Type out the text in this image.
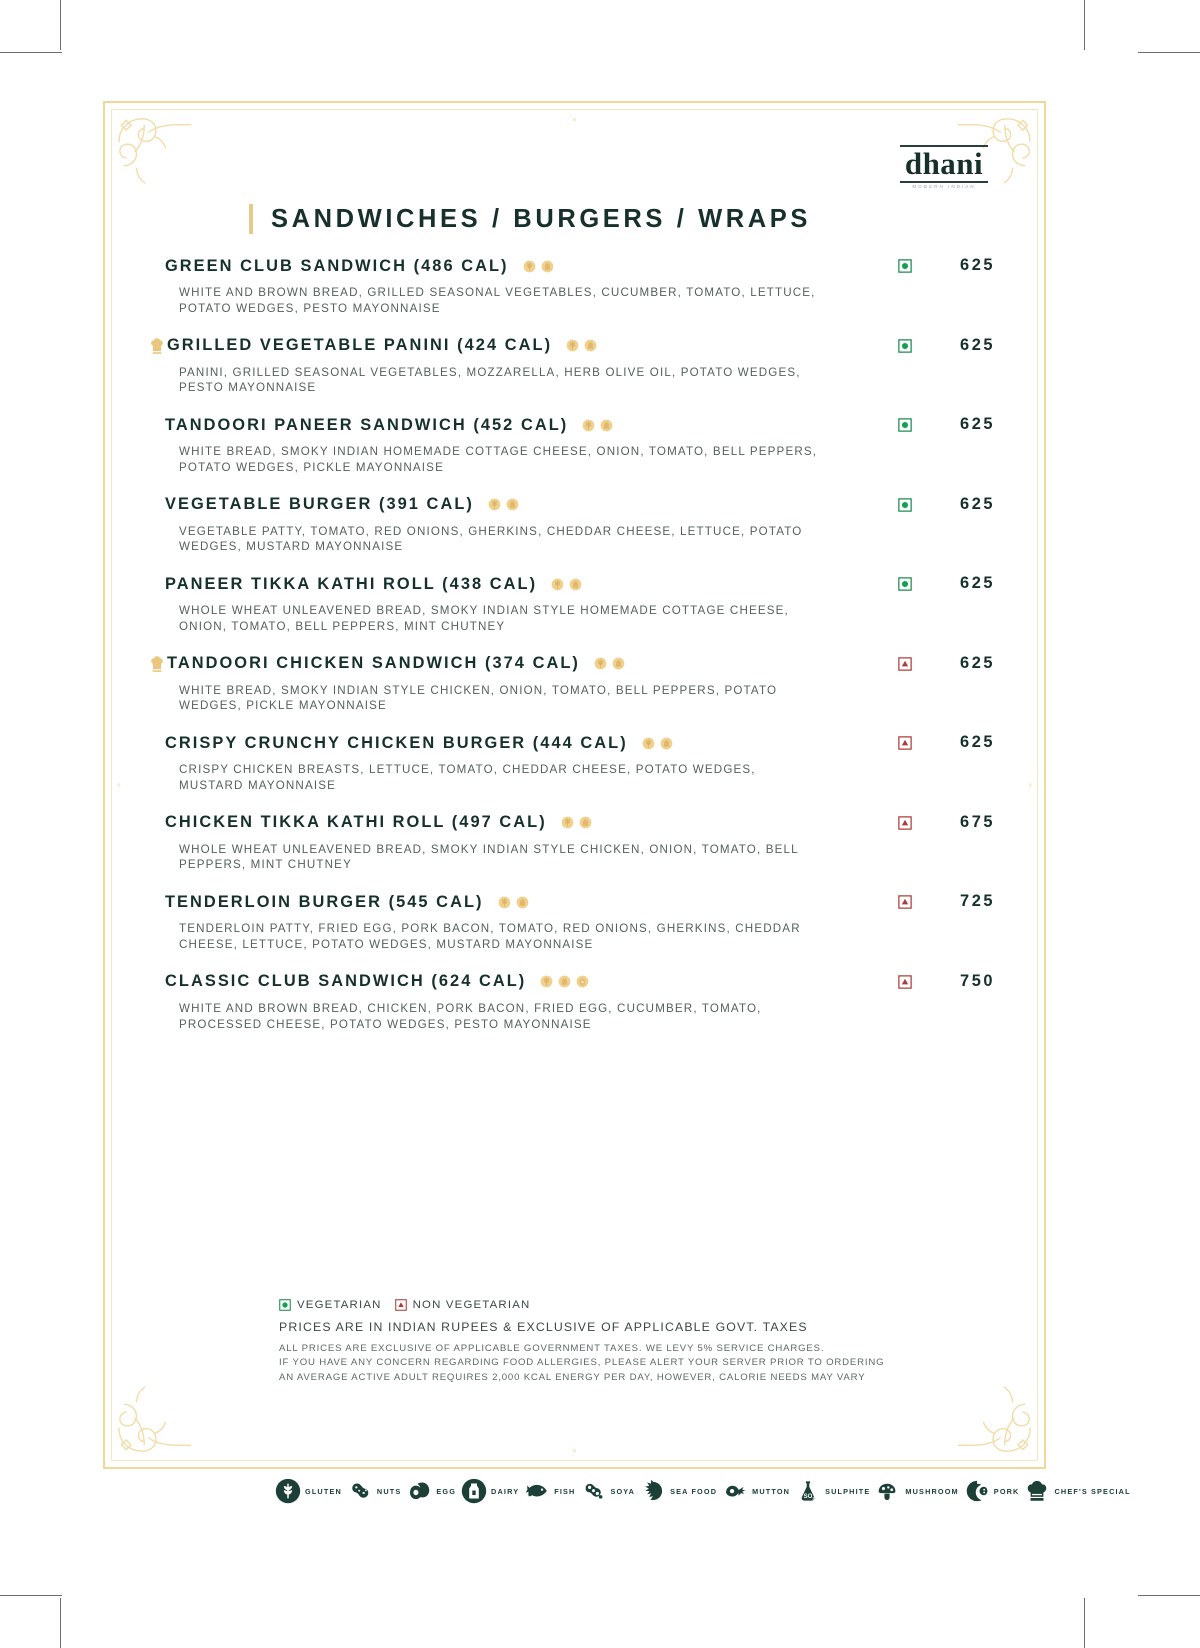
∘
∘
∘
∘
dhani
MODERN INDIAN
SANDWICHES / BURGERS / WRAPS
GREEN CLUB SANDWICH (486 CAL)	625
WHITE AND BROWN BREAD, GRILLED SEASONAL VEGETABLES, CUCUMBER, TOMATO, LETTUCE, POTATO WEDGES, PESTO MAYONNAISE
GRILLED VEGETABLE PANINI (424 CAL)	625
PANINI, GRILLED SEASONAL VEGETABLES, MOZZARELLA, HERB OLIVE OIL, POTATO WEDGES, PESTO MAYONNAISE
TANDOORI PANEER SANDWICH (452 CAL)	625
WHITE BREAD, SMOKY INDIAN HOMEMADE COTTAGE CHEESE, ONION, TOMATO, BELL PEPPERS, POTATO WEDGES, PICKLE MAYONNAISE
VEGETABLE BURGER (391 CAL)	625
VEGETABLE PATTY, TOMATO, RED ONIONS, GHERKINS, CHEDDAR CHEESE, LETTUCE, POTATO WEDGES, MUSTARD MAYONNAISE
PANEER TIKKA KATHI ROLL (438 CAL)	625
WHOLE WHEAT UNLEAVENED BREAD, SMOKY INDIAN STYLE HOMEMADE COTTAGE CHEESE, ONION, TOMATO, BELL PEPPERS, MINT CHUTNEY
TANDOORI CHICKEN SANDWICH (374 CAL)	625
WHITE BREAD, SMOKY INDIAN STYLE CHICKEN, ONION, TOMATO, BELL PEPPERS, POTATO WEDGES, PICKLE MAYONNAISE
CRISPY CRUNCHY CHICKEN BURGER (444 CAL)	625
CRISPY CHICKEN BREASTS, LETTUCE, TOMATO, CHEDDAR CHEESE, POTATO WEDGES, MUSTARD MAYONNAISE
CHICKEN TIKKA KATHI ROLL (497 CAL)	675
WHOLE WHEAT UNLEAVENED BREAD, SMOKY INDIAN STYLE CHICKEN, ONION, TOMATO, BELL PEPPERS, MINT CHUTNEY
TENDERLOIN BURGER (545 CAL)	725
TENDERLOIN PATTY, FRIED EGG, PORK BACON, TOMATO, RED ONIONS, GHERKINS, CHEDDAR CHEESE, LETTUCE, POTATO WEDGES, MUSTARD MAYONNAISE
CLASSIC CLUB SANDWICH (624 CAL)	750
WHITE AND BROWN BREAD, CHICKEN, PORK BACON, FRIED EGG, CUCUMBER, TOMATO, PROCESSED CHEESE, POTATO WEDGES, PESTO MAYONNAISE
VEGETARIAN	NON VEGETARIAN
PRICES ARE IN INDIAN RUPEES & EXCLUSIVE OF APPLICABLE GOVT. TAXES
ALL PRICES ARE EXCLUSIVE OF APPLICABLE GOVERNMENT TAXES. WE LEVY 5% SERVICE CHARGES.
IF YOU HAVE ANY CONCERN REGARDING FOOD ALLERGIES, PLEASE ALERT YOUR SERVER PRIOR TO ORDERING
AN AVERAGE ACTIVE ADULT REQUIRES 2,000 KCAL ENERGY PER DAY, HOWEVER, CALORIE NEEDS MAY VARY
GLUTEN	NUTS	EGG	DAIRY	FISH	SOYA	SEA FOOD	MUTTON
SO 2
SULPHITE	MUSHROOM	PORK	CHEF'S SPECIAL
